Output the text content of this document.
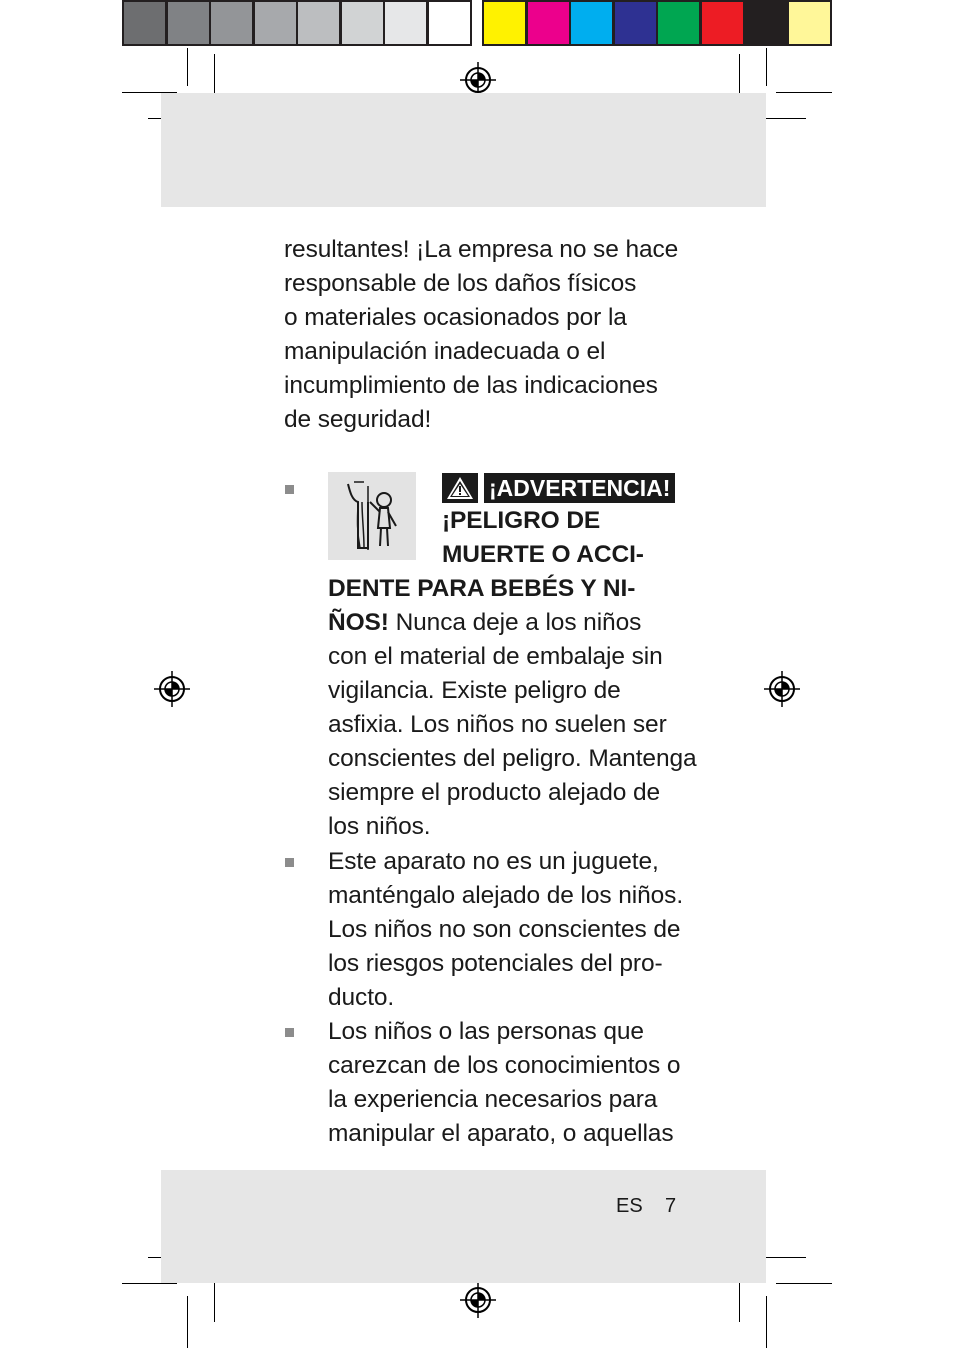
resultantes! ¡La empresa no se hace
responsable de los daños físicos
o materiales ocasionados por la
manipulación inadecuada o el
incumplimiento de las indicaciones
de seguridad!
¡ADVERTENCIA!
¡PELIGRO DE
MUERTE O ACCI-
DENTE PARA BEBÉS Y NI-
ÑOS! Nunca deje a los niños
con el material de embalaje sin
vigilancia. Existe peligro de
asfixia. Los niños no suelen ser
conscientes del peligro. Mantenga
siempre el producto alejado de
los niños.
Este aparato no es un juguete,
manténgalo alejado de los niños.
Los niños no son conscientes de
los riesgos potenciales del pro-
ducto.
Los niños o las personas que
carezcan de los conocimientos o
la experiencia necesarios para
manipular el aparato, o aquellas
ES 7
